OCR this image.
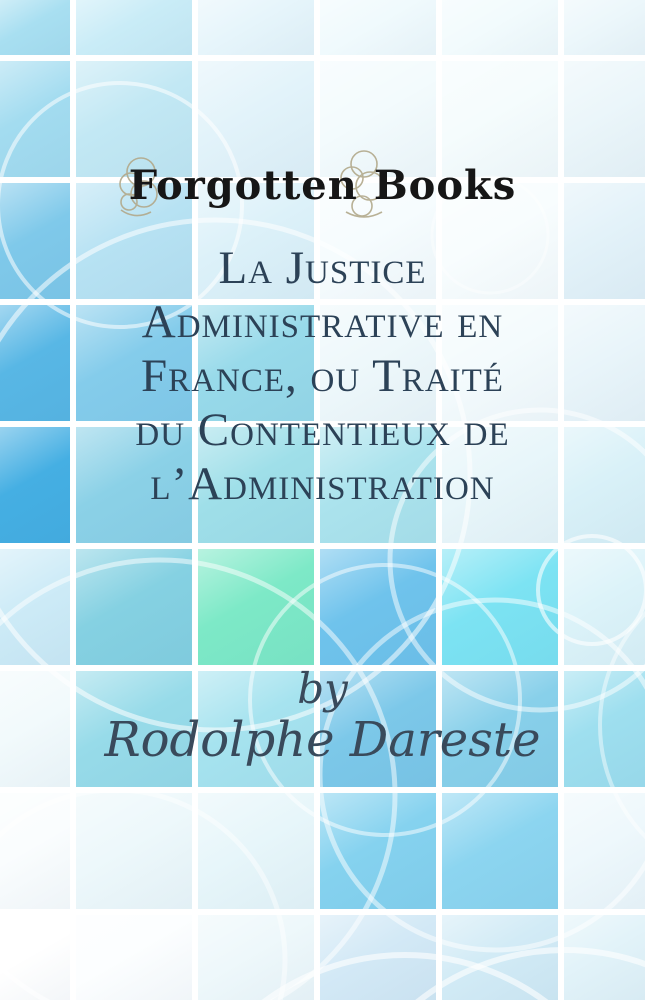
Forgotten Books
La Justice
Administrative en
France, ou Traité
du Contentieux de
l’Administration
by
Rodolphe Dareste
